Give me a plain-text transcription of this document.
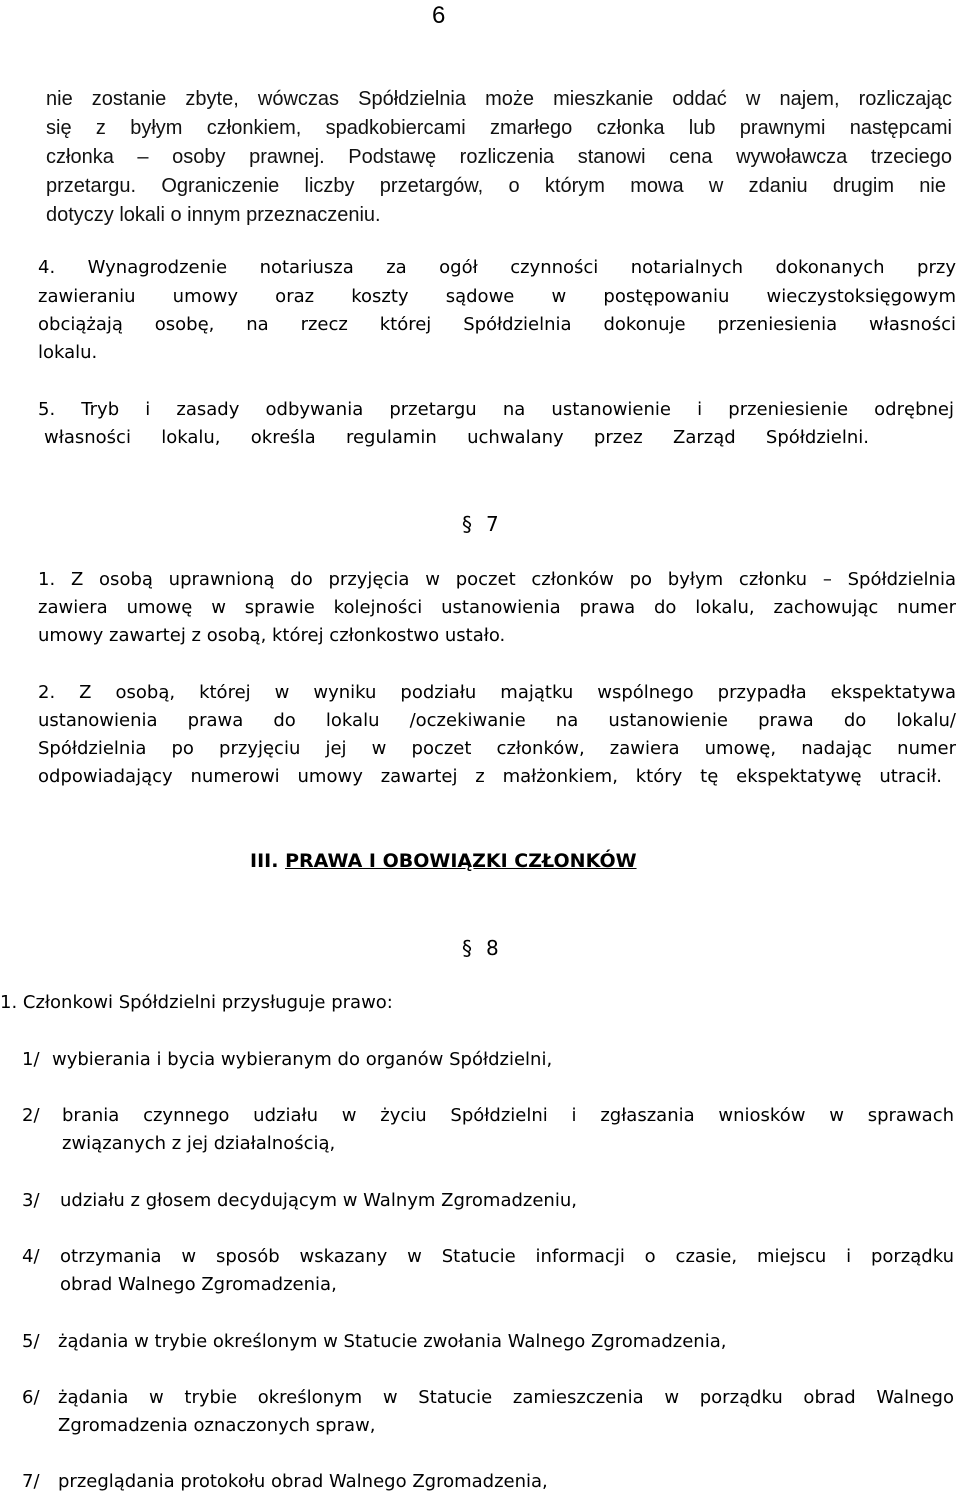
6
nie zostanie zbyte, wówczas Spółdzielnia może mieszkanie oddać w najem, rozliczając
się z byłym członkiem, spadkobiercami zmarłego członka lub prawnymi następcami
członka – osoby prawnej. Podstawę rozliczenia stanowi cena wywoławcza trzeciego
przetargu. Ograniczenie liczby przetargów, o którym mowa w zdaniu drugim nie
dotyczy lokali o innym przeznaczeniu.
4. Wynagrodzenie notariusza za ogół czynności notarialnych dokonanych przy
zawieraniu umowy oraz koszty sądowe w postępowaniu wieczystoksięgowym
obciążają osobę, na rzecz której Spółdzielnia dokonuje przeniesienia własności
lokalu.
5. Tryb i zasady odbywania przetargu na ustanowienie i przeniesienie odrębnej
własności lokalu, określa regulamin uchwalany przez Zarząd Spółdzielni.
§ 7
1. Z osobą uprawnioną do przyjęcia w poczet członków po byłym członku – Spółdzielnia
zawiera umowę w sprawie kolejności ustanowienia prawa do lokalu, zachowując numer
umowy zawartej z osobą, której członkostwo ustało.
2. Z osobą, której w wyniku podziału majątku wspólnego przypadła ekspektatywa
ustanowienia prawa do lokalu /oczekiwanie na ustanowienie prawa do lokalu/
Spółdzielnia po przyjęciu jej w poczet członków, zawiera umowę, nadając numer
odpowiadający numerowi umowy zawartej z małżonkiem, który tę ekspektatywę utracił.
III. PRAWA I OBOWIĄZKI CZŁONKÓW
§ 8
1. Członkowi Spółdzielni przysługuje prawo:
1/ wybierania i bycia wybieranym do organów Spółdzielni,
2/ brania czynnego udziału w życiu Spółdzielni i zgłaszania wniosków w sprawach
związanych z jej działalnością,
3/ udziału z głosem decydującym w Walnym Zgromadzeniu,
4/ otrzymania w sposób wskazany w Statucie informacji o czasie, miejscu i porządku
obrad Walnego Zgromadzenia,
5/ żądania w trybie określonym w Statucie zwołania Walnego Zgromadzenia,
6/ żądania w trybie określonym w Statucie zamieszczenia w porządku obrad Walnego
Zgromadzenia oznaczonych spraw,
7/ przeglądania protokołu obrad Walnego Zgromadzenia,
